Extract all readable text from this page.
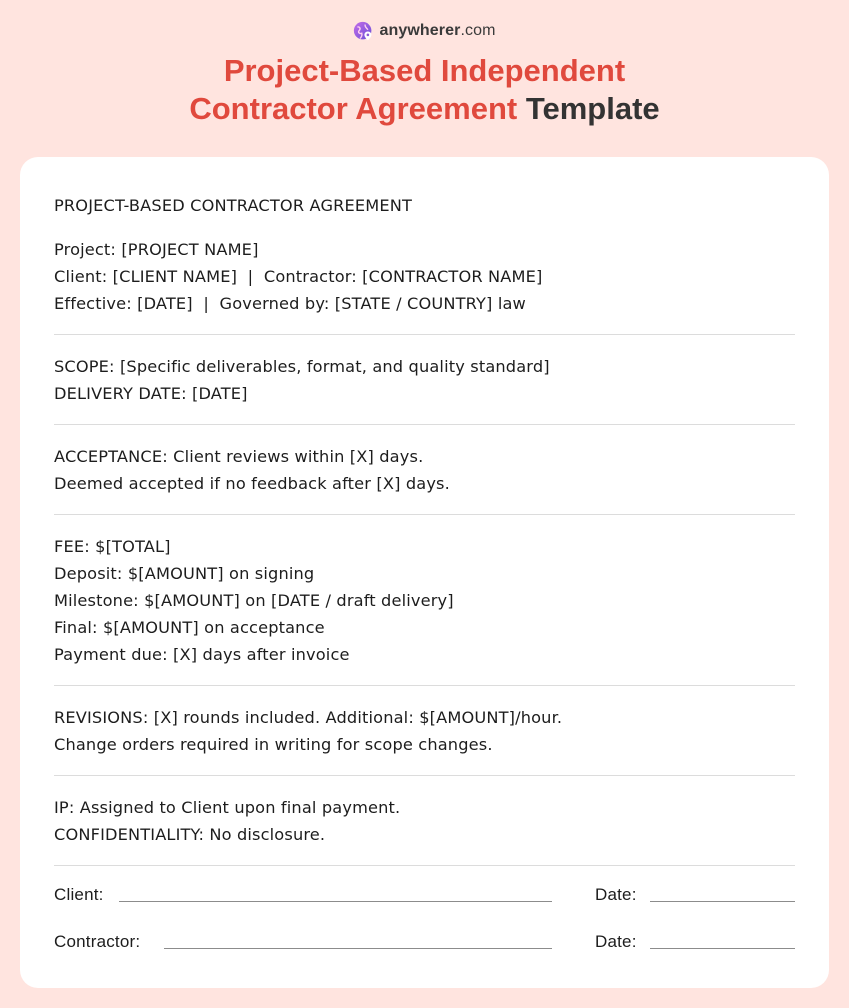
anywherer.com
Project-Based Independent
Contractor Agreement Template
PROJECT-BASED CONTRACTOR AGREEMENT
Project: [PROJECT NAME]
Client: [CLIENT NAME]  |  Contractor: [CONTRACTOR NAME]
Effective: [DATE]  |  Governed by: [STATE / COUNTRY] law
SCOPE: [Specific deliverables, format, and quality standard]
DELIVERY DATE: [DATE]
ACCEPTANCE: Client reviews within [X] days.
Deemed accepted if no feedback after [X] days.
FEE: $[TOTAL]
Deposit: $[AMOUNT] on signing
Milestone: $[AMOUNT] on [DATE / draft delivery]
Final: $[AMOUNT] on acceptance
Payment due: [X] days after invoice
REVISIONS: [X] rounds included. Additional: $[AMOUNT]/hour.
Change orders required in writing for scope changes.
IP: Assigned to Client upon final payment.
CONFIDENTIALITY: No disclosure.
Client:	Date:
Contractor:	Date:
